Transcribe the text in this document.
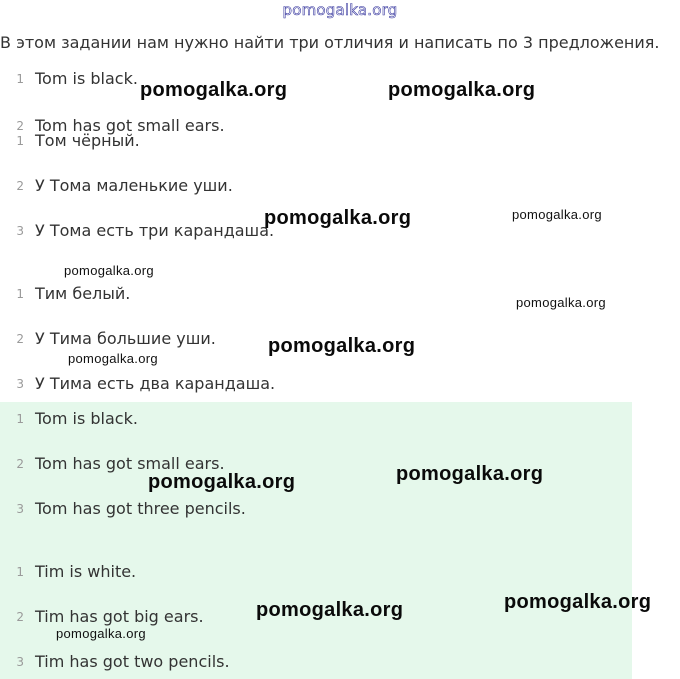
pomogalka.org
В этом задании нам нужно найти три отличия и написать по 3 предложения.
1 Tom is black.
2 Tom has got small ears.
1 Том чёрный.
2 У Тома маленькие уши.
3 У Тома есть три карандаша.
1 Тим белый.
2 У Тима большие уши.
3 У Тима есть два карандаша.
1 Tom is black.
2 Tom has got small ears.
3 Tom has got three pencils.
1 Tim is white.
2 Tim has got big ears.
3 Tim has got two pencils.
pomogalka.org	pomogalka.org
pomogalka.org	pomogalka.org
pomogalka.org
pomogalka.org
pomogalka.org
pomogalka.org
pomogalka.org
pomogalka.org
pomogalka.org
pomogalka.org
pomogalka.org
